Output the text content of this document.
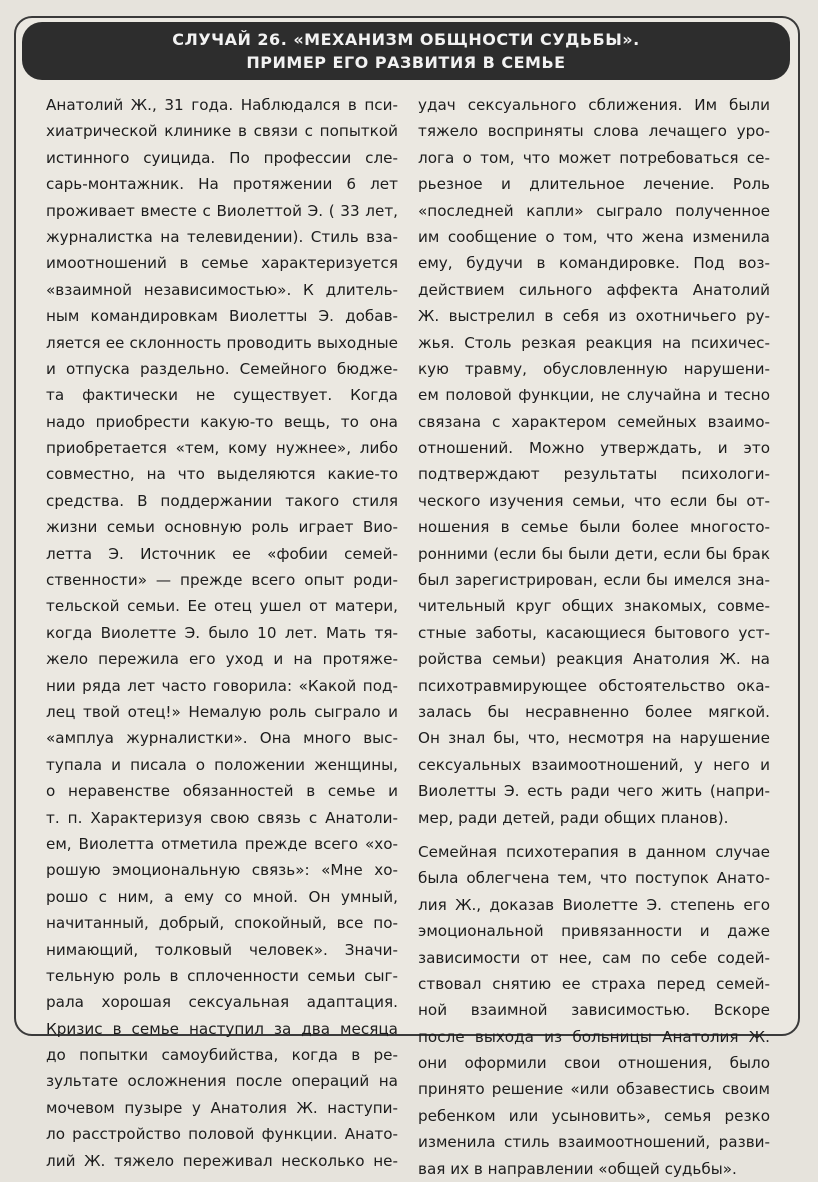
СЛУЧАЙ 26. «МЕХАНИЗМ ОБЩНОСТИ СУДЬБЫ».
ПРИМЕР ЕГО РАЗВИТИЯ В СЕМЬЕ
Анатолий Ж., 31 года. Наблюдался в пси-
хиатрической клинике в связи с попыткой
истинного суицида. По профессии сле-
сарь-монтажник. На протяжении 6 лет
проживает вместе с Виолеттой Э. ( 33 лет,
журналистка на телевидении). Стиль вза-
имоотношений в семье характеризуется
«взаимной независимостью». К длитель-
ным командировкам Виолетты Э. добав-
ляется ее склонность проводить выходные
и отпуска раздельно. Семейного бюдже-
та фактически не существует. Когда
надо приобрести какую-то вещь, то она
приобретается «тем, кому нужнее», либо
совместно, на что выделяются какие-то
средства. В поддержании такого стиля
жизни семьи основную роль играет Вио-
летта Э. Источник ее «фобии семей-
ственности» — прежде всего опыт роди-
тельской семьи. Ее отец ушел от матери,
когда Виолетте Э. было 10 лет. Мать тя-
жело пережила его уход и на протяже-
нии ряда лет часто говорила: «Какой под-
лец твой отец!» Немалую роль сыграло и
«амплуа журналистки». Она много выс-
тупала и писала о положении женщины,
о неравенстве обязанностей в семье и
т. п. Характеризуя свою связь с Анатоли-
ем, Виолетта отметила прежде всего «хо-
рошую эмоциональную связь»: «Мне хо-
рошо с ним, а ему со мной. Он умный,
начитанный, добрый, спокойный, все по-
нимающий, толковый человек». Значи-
тельную роль в сплоченности семьи сыг-
рала хорошая сексуальная адаптация.
Кризис в семье наступил за два месяца
до попытки самоубийства, когда в ре-
зультате осложнения после операций на
мочевом пузыре у Анатолия Ж. наступи-
ло расстройство половой функции. Анато-
лий Ж. тяжело переживал несколько не-
удач сексуального сближения. Им были
тяжело восприняты слова лечащего уро-
лога о том, что может потребоваться се-
рьезное и длительное лечение. Роль
«последней капли» сыграло полученное
им сообщение о том, что жена изменила
ему, будучи в командировке. Под воз-
действием сильного аффекта Анатолий
Ж. выстрелил в себя из охотничьего ру-
жья. Столь резкая реакция на психичес-
кую травму, обусловленную нарушени-
ем половой функции, не случайна и тесно
связана с характером семейных взаимо-
отношений. Можно утверждать, и это
подтверждают результаты психологи-
ческого изучения семьи, что если бы от-
ношения в семье были более многосто-
ронними (если бы были дети, если бы брак
был зарегистрирован, если бы имелся зна-
чительный круг общих знакомых, совме-
стные заботы, касающиеся бытового уст-
ройства семьи) реакция Анатолия Ж. на
психотравмирующее обстоятельство ока-
залась бы несравненно более мягкой.
Он знал бы, что, несмотря на нарушение
сексуальных взаимоотношений, у него и
Виолетты Э. есть ради чего жить (напри-
мер, ради детей, ради общих планов).
Семейная психотерапия в данном случае
была облегчена тем, что поступок Анато-
лия Ж., доказав Виолетте Э. степень его
эмоциональной привязанности и даже
зависимости от нее, сам по себе содей-
ствовал снятию ее страха перед семей-
ной взаимной зависимостью. Вскоре
после выхода из больницы Анатолия Ж.
они оформили свои отношения, было
принято решение «или обзавестись своим
ребенком или усыновить», семья резко
изменила стиль взаимоотношений, разви-
вая их в направлении «общей судьбы».
